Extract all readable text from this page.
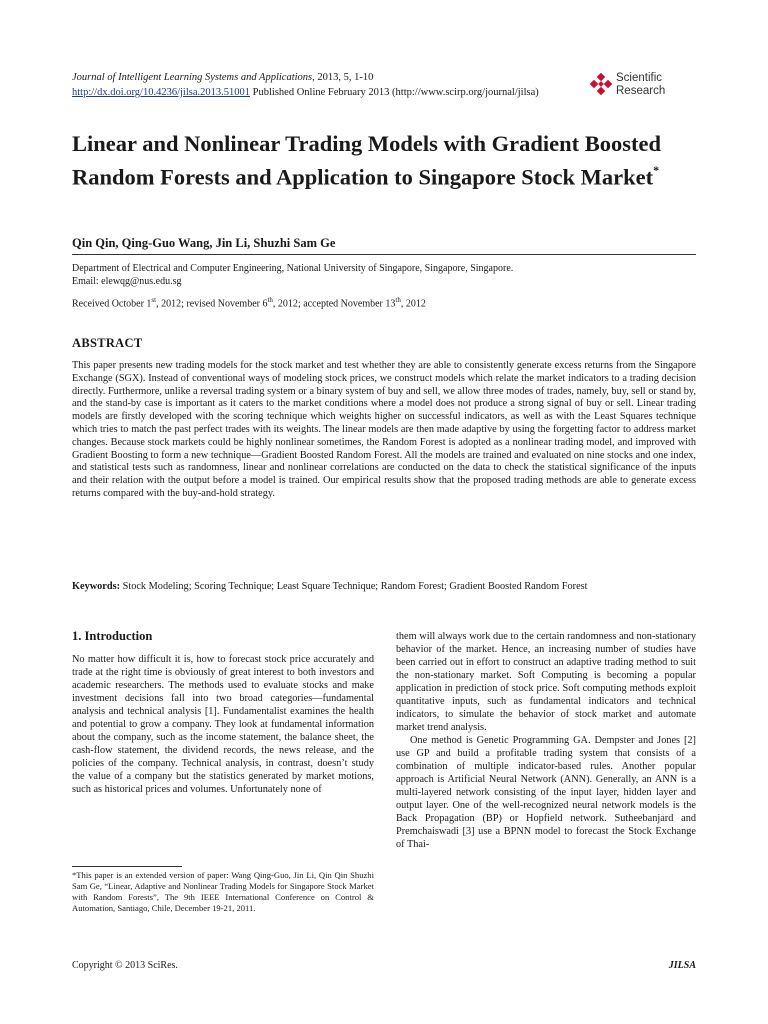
Journal of Intelligent Learning Systems and Applications, 2013, 5, 1-10
http://dx.doi.org/10.4236/jilsa.2013.51001 Published Online February 2013 (http://www.scirp.org/journal/jilsa)
Scientific
Research
Linear and Nonlinear Trading Models with Gradient Boosted Random Forests and Application to Singapore Stock Market*
Qin Qin, Qing-Guo Wang, Jin Li, Shuzhi Sam Ge
Department of Electrical and Computer Engineering, National University of Singapore, Singapore, Singapore.
Email: elewqg@nus.edu.sg
Received October 1st, 2012; revised November 6th, 2012; accepted November 13th, 2012
ABSTRACT
This paper presents new trading models for the stock market and test whether they are able to consistently generate excess returns from the Singapore Exchange (SGX). Instead of conventional ways of modeling stock prices, we construct models which relate the market indicators to a trading decision directly. Furthermore, unlike a reversal trading system or a binary system of buy and sell, we allow three modes of trades, namely, buy, sell or stand by, and the stand-by case is important as it caters to the market conditions where a model does not produce a strong signal of buy or sell. Linear trading models are firstly developed with the scoring technique which weights higher on successful indicators, as well as with the Least Squares technique which tries to match the past perfect trades with its weights. The linear models are then made adaptive by using the forgetting factor to address market changes. Because stock markets could be highly nonlinear sometimes, the Random Forest is adopted as a nonlinear trading model, and improved with Gradient Boosting to form a new technique—Gradient Boosted Random Forest. All the models are trained and evaluated on nine stocks and one index, and statistical tests such as randomness, linear and nonlinear correlations are conducted on the data to check the statistical significance of the inputs and their relation with the output before a model is trained. Our empirical results show that the proposed trading methods are able to generate excess returns compared with the buy-and-hold strategy.
Keywords: Stock Modeling; Scoring Technique; Least Square Technique; Random Forest; Gradient Boosted Random Forest
1. Introduction
No matter how difficult it is, how to forecast stock price accurately and trade at the right time is obviously of great interest to both investors and academic researchers. The methods used to evaluate stocks and make investment decisions fall into two broad categories—fundamental analysis and technical analysis [1]. Fundamentalist examines the health and potential to grow a company. They look at fundamental information about the company, such as the income statement, the balance sheet, the cash-flow statement, the dividend records, the news release, and the policies of the company. Technical analysis, in contrast, doesn’t study the value of a company but the statistics generated by market motions, such as historical prices and volumes. Unfortunately none of
them will always work due to the certain randomness and non-stationary behavior of the market. Hence, an increasing number of studies have been carried out in effort to construct an adaptive trading method to suit the non-stationary market. Soft Computing is becoming a popular application in prediction of stock price. Soft computing methods exploit quantitative inputs, such as fundamental indicators and technical indicators, to simulate the behavior of stock market and automate market trend analysis.
One method is Genetic Programming GA. Dempster and Jones [2] use GP and build a profitable trading system that consists of a combination of multiple indicator-based rules. Another popular approach is Artificial Neural Network (ANN). Generally, an ANN is a multi-layered network consisting of the input layer, hidden layer and output layer. One of the well-recognized neural network models is the Back Propagation (BP) or Hopfield network. Sutheebanjard and Premchaiswadi [3] use a BPNN model to forecast the Stock Exchange of Thai-
*This paper is an extended version of paper: Wang Qing-Guo, Jin Li, Qin Qin Shuzhi Sam Ge, “Linear, Adaptive and Nonlinear Trading Models for Singapore Stock Market with Random Forests”, The 9th IEEE International Conference on Control & Automation, Santiago, Chile, December 19-21, 2011.
Copyright © 2013 SciRes.	JILSA
